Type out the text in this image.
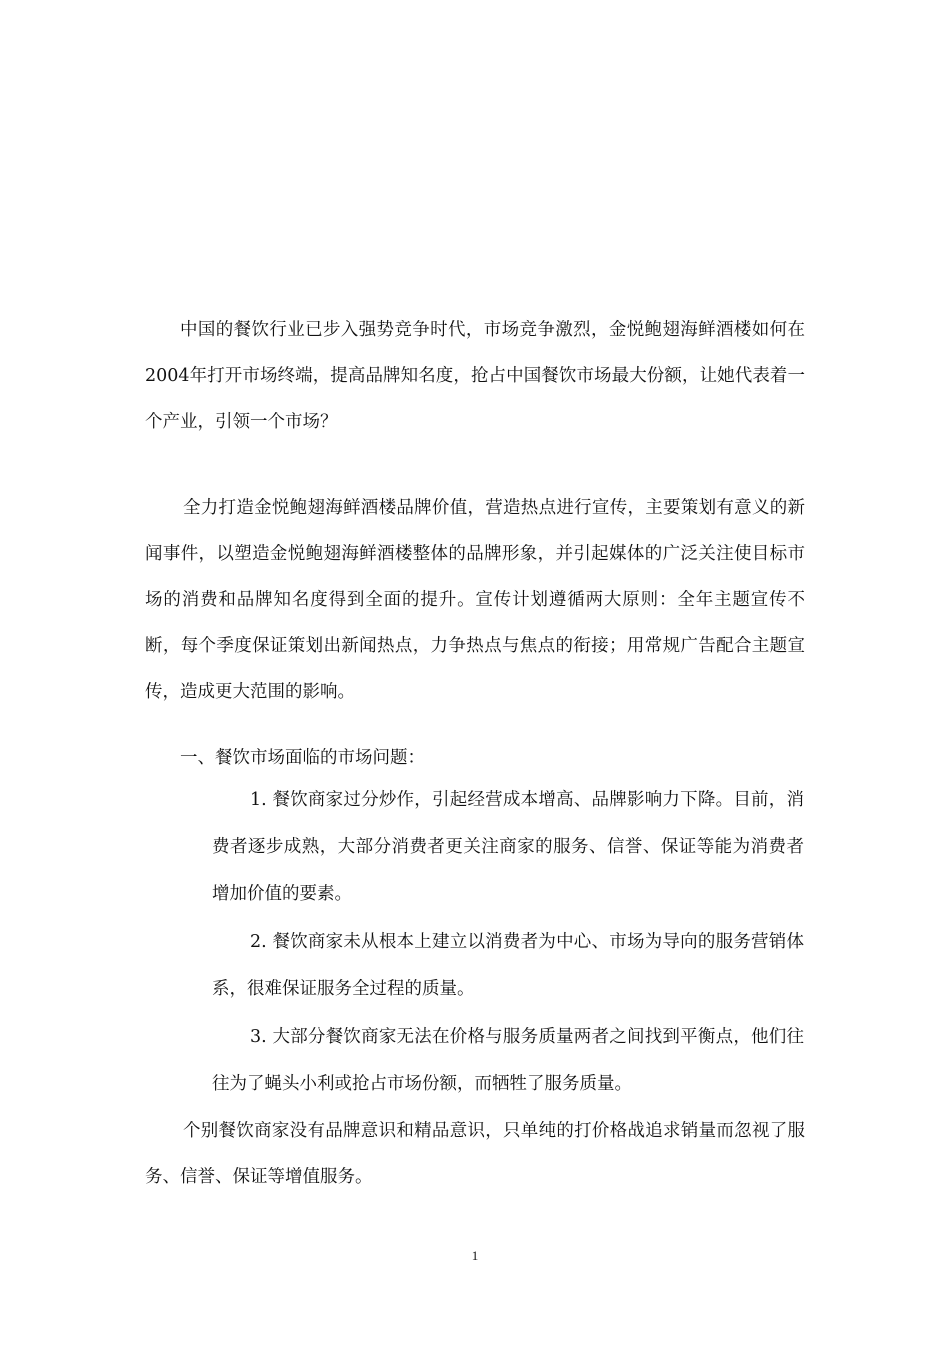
中国的餐饮行业已步入强势竞争时代，市场竞争激烈，金悦鲍翅海鲜酒楼如何在2004年打开市场终端，提高品牌知名度，抢占中国餐饮市场最大份额，让她代表着一个产业，引领一个市场？

全力打造金悦鲍翅海鲜酒楼品牌价值，营造热点进行宣传，主要策划有意义的新闻事件，以塑造金悦鲍翅海鲜酒楼整体的品牌形象，并引起媒体的广泛关注使目标市场的消费和品牌知名度得到全面的提升。宣传计划遵循两大原则：全年主题宣传不断，每个季度保证策划出新闻热点，力争热点与焦点的衔接；用常规广告配合主题宣传，造成更大范围的影响。

一、餐饮市场面临的市场问题：

1. 餐饮商家过分炒作，引起经营成本增高、品牌影响力下降。目前，消费者逐步成熟，大部分消费者更关注商家的服务、信誉、保证等能为消费者增加价值的要素。

2. 餐饮商家未从根本上建立以消费者为中心、市场为导向的服务营销体系，很难保证服务全过程的质量。

3. 大部分餐饮商家无法在价格与服务质量两者之间找到平衡点，他们往往为了蝇头小利或抢占市场份额，而牺牲了服务质量。

个别餐饮商家没有品牌意识和精品意识，只单纯的打价格战追求销量而忽视了服务、信誉、保证等增值服务。

1
